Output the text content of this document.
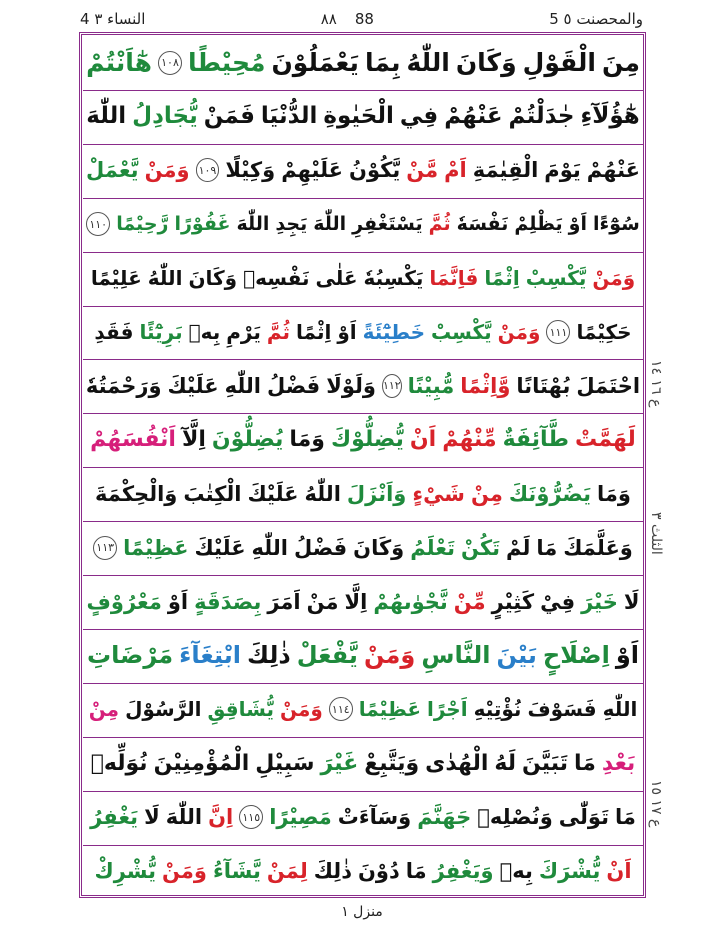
4 النساء ٣	٨٨ 88	5 والمحصنت ٥
مِنَ
الْقَوْلِ
وَكَانَ
اللّٰهُ
بِمَا
يَعْمَلُوْنَ
مُحِيْطًا
١٠٨
هٰٓاَنْتُمْ
هٰٓؤُلَآءِ
جٰدَلْتُمْ
عَنْهُمْ
فِي
الْحَيٰوةِ
الدُّنْيَا
فَمَنْ
يُّجَادِلُ
اللّٰهَ
عَنْهُمْ
يَوْمَ
الْقِيٰمَةِ
اَمْ
مَّنْ
يَّكُوْنُ
عَلَيْهِمْ
وَكِيْلًا
١٠٩
وَمَنْ
يَّعْمَلْ
سُوْٓءًا
اَوْ
يَظْلِمْ
نَفْسَهٗ
ثُمَّ
يَسْتَغْفِرِ
اللّٰهَ
يَجِدِ
اللّٰهَ
غَفُوْرًا
رَّحِيْمًا
١١٠
وَمَنْ
يَّكْسِبْ
اِثْمًا
فَاِنَّمَا
يَكْسِبُهٗ
عَلٰى
نَفْسِهٖ
وَكَانَ
اللّٰهُ
عَلِيْمًا
حَكِيْمًا
١١١
وَمَنْ
يَّكْسِبْ
خَطِيْٓئَةً
اَوْ
اِثْمًا
ثُمَّ
يَرْمِ
بِهٖ
بَرِيْٓئًا
فَقَدِ
احْتَمَلَ
بُهْتَانًا
وَّاِثْمًا
مُّبِيْنًا
١١٢
وَلَوْلَا
فَضْلُ
اللّٰهِ
عَلَيْكَ
وَرَحْمَتُهٗ
لَهَمَّتْ
طَّآئِفَةٌ
مِّنْهُمْ
اَنْ
يُّضِلُّوْكَ
وَمَا
يُضِلُّوْنَ
اِلَّآ
اَنْفُسَهُمْ
وَمَا
يَضُرُّوْنَكَ
مِنْ
شَيْءٍ
وَاَنْزَلَ
اللّٰهُ
عَلَيْكَ
الْكِتٰبَ
وَالْحِكْمَةَ
وَعَلَّمَكَ
مَا
لَمْ
تَكُنْ
تَعْلَمُ
وَكَانَ
فَضْلُ
اللّٰهِ
عَلَيْكَ
عَظِيْمًا
١١٣
لَا
خَيْرَ
فِيْ
كَثِيْرٍ
مِّنْ
نَّجْوٰىهُمْ
اِلَّا
مَنْ
اَمَرَ
بِصَدَقَةٍ
اَوْ
مَعْرُوْفٍ
اَوْ
اِصْلَاحٍ
بَيْنَ
النَّاسِ
وَمَنْ
يَّفْعَلْ
ذٰلِكَ
ابْتِغَآءَ
مَرْضَاتِ
اللّٰهِ
فَسَوْفَ
نُؤْتِيْهِ
اَجْرًا
عَظِيْمًا
١١٤
وَمَنْ
يُّشَاقِقِ
الرَّسُوْلَ
مِنْ
بَعْدِ
مَا
تَبَيَّنَ
لَهُ
الْهُدٰى
وَيَتَّبِعْ
غَيْرَ
سَبِيْلِ
الْمُؤْمِنِيْنَ
نُوَلِّهٖ
مَا
تَوَلّٰى
وَنُصْلِهٖ
جَهَنَّمَ
وَسَآءَتْ
مَصِيْرًا
١١٥
اِنَّ
اللّٰهَ
لَا
يَغْفِرُ
اَنْ
يُّشْرَكَ
بِهٖ
وَيَغْفِرُ
مَا
دُوْنَ
ذٰلِكَ
لِمَنْ
يَّشَآءُ
وَمَنْ
يُّشْرِكْ
ع ١٦ ١٤
الثلث ٣
ع ١٧ ١٥
منزل ١
